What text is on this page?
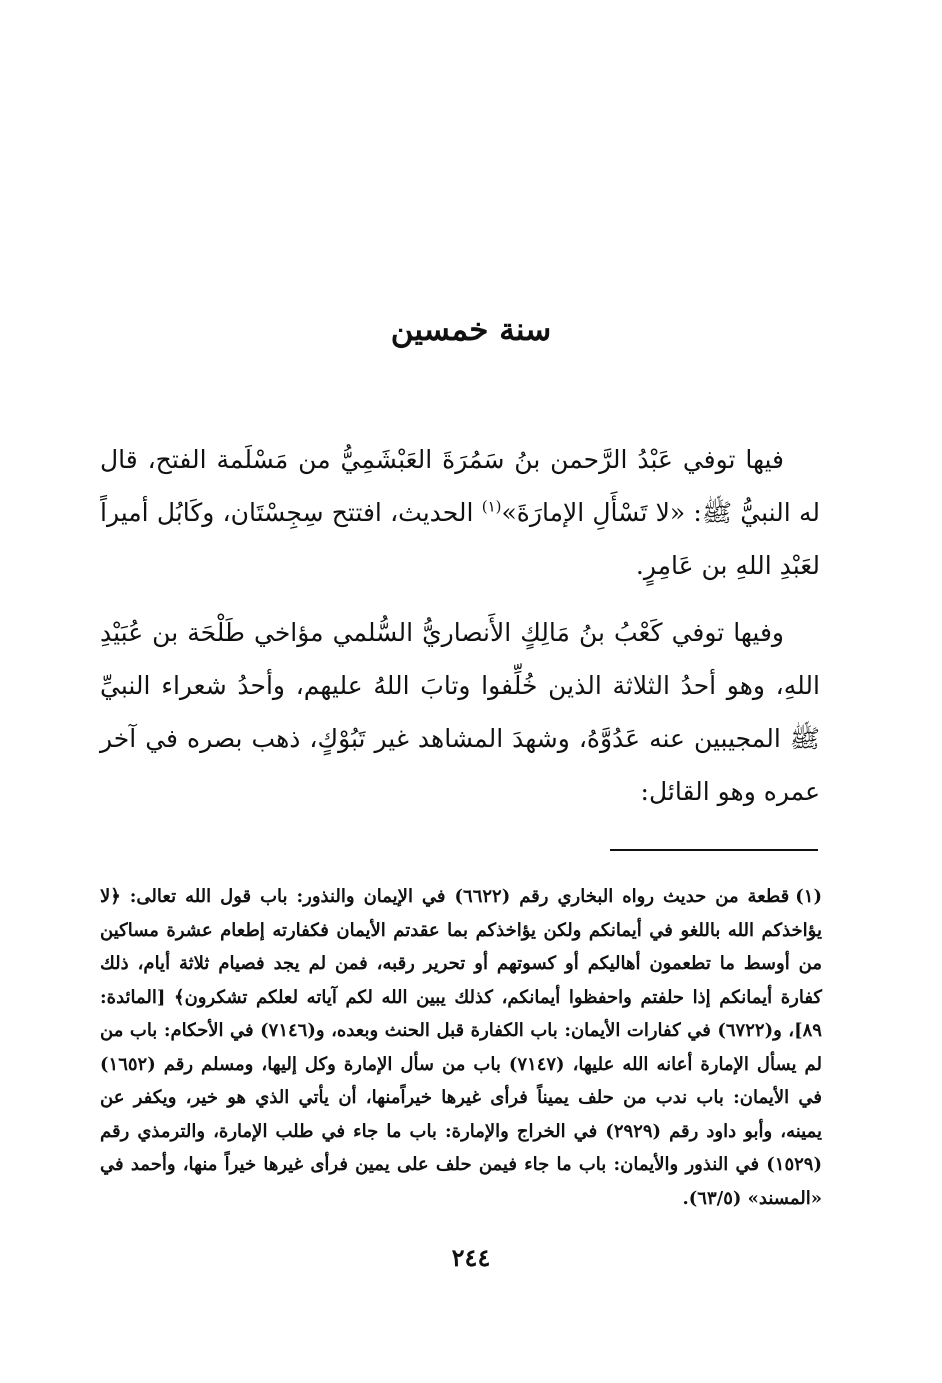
سنة خمسين

فيها توفي عَبْدُ الرَّحمن بنُ سَمُرَةَ العَبْشَمِيُّ من مَسْلَمة الفتح، قال له النبيُّ ﷺ: «لا تَسْأَلِ الإمارَةَ»$^{(١)}$ الحديث، افتتح سِجِسْتَان، وكَابُل أميراً لعَبْدِ اللهِ بن عَامِرٍ.

وفيها توفي كَعْبُ بنُ مَالِكٍ الأَنصاريُّ السُّلمي مؤاخي طَلْحَة بن عُبَيْدِ اللهِ، وهو أحدُ الثلاثة الذين خُلِّفوا وتابَ اللهُ عليهم، وأحدُ شعراء النبيِّ ﷺ المجيبين عنه عَدُوَّهُ، وشهدَ المشاهد غير تَبُوْكٍ، ذهب بصره في آخر عمره وهو القائل:

(١)قطعة من حديث رواه البخاري رقم (٦٦٢٢) في الإيمان والنذور: باب قول الله تعالى: ﴿لا يؤاخذكم الله باللغو في أيمانكم ولكن يؤاخذكم بما عقدتم الأيمان فكفارته إطعام عشرة مساكين من أوسط ما تطعمون أهاليكم أو كسوتهم أو تحرير رقبه، فمن لم يجد فصيام ثلاثة أيام، ذلك كفارة أيمانكم إذا حلفتم واحفظوا أيمانكم، كذلك يبين الله لكم آياته لعلكم تشكرون﴾ [المائدة: ٨٩]، و(٦٧٢٢) في كفارات الأيمان: باب الكفارة قبل الحنث وبعده، و(٧١٤٦) في الأحكام: باب من لم يسأل الإمارة أعانه الله عليها، (٧١٤٧) باب من سأل الإمارة وكل إليها، ومسلم رقم (١٦٥٢) في الأيمان: باب ندب من حلف يميناً فرأى غيرها خيراًمنها، أن يأتي الذي هو خير، ويكفر عن يمينه، وأبو داود رقم (٢٩٢٩) في الخراج والإمارة: باب ما جاء في طلب الإمارة، والترمذي رقم (١٥٢٩) في النذور والأيمان: باب ما جاء فيمن حلف على يمين فرأى غيرها خيراً منها، وأحمد في «المسند» (٦٣/٥).
٢٤٤
